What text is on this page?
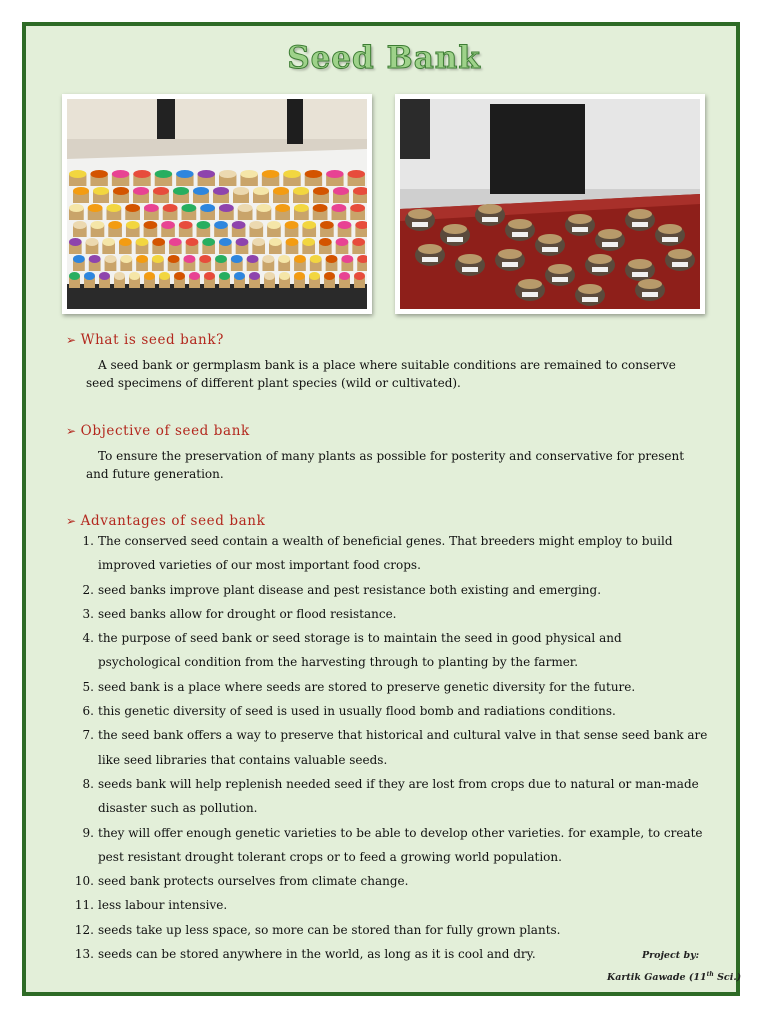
Seed Bank
➢ What is seed bank?
A seed bank or germplasm bank is a place where suitable conditions are remained to conserve seed specimens of different plant species (wild or cultivated).
➢ Objective of seed bank
To ensure the preservation of many plants as possible for posterity and conservative for present and future generation.
➢ Advantages of seed bank
1. The conserved seed contain a wealth of beneficial genes. That breeders might employ to build improved varieties of our most important food crops.
2. seed banks improve plant disease and pest resistance both existing and emerging.
3. seed banks allow for drought or flood resistance.
4. the purpose of seed bank or seed storage is to maintain the seed in good physical and psychological condition from the harvesting through to planting by the farmer.
5. seed bank is a place where seeds are stored to preserve genetic diversity for the future.
6. this genetic diversity of seed is used in usually flood bomb and radiations conditions.
7. the seed bank offers a way to preserve that historical and cultural valve in that sense seed bank are like seed libraries that contains valuable seeds.
8. seeds bank will help replenish needed seed if they are lost from crops due to natural or man-made disaster such as pollution.
9. they will offer enough genetic varieties to be able to develop other varieties. for example, to create pest resistant drought tolerant crops or to feed a growing world population.
10. seed bank protects ourselves from climate change.
11. less labour intensive.
12. seeds take up less space, so more can be stored than for fully grown plants.
13. seeds can be stored anywhere in the world, as long as it is cool and dry.	Project by:
Kartik Gawade (11th Sci.)
